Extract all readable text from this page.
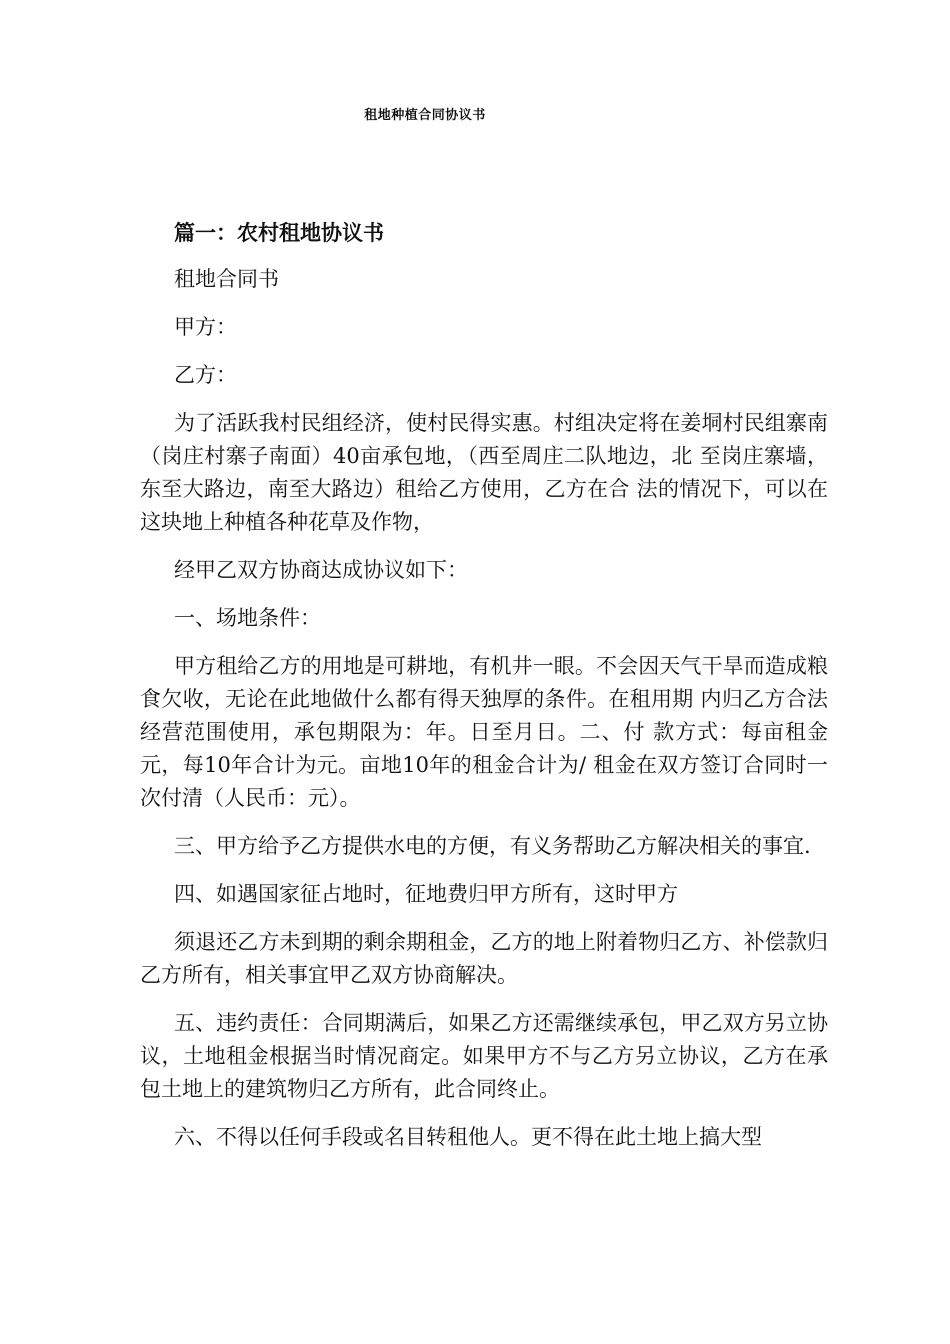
租地种植合同协议书
篇一：农村租地协议书

租地合同书

甲方：

乙方：

为了活跃我村民组经济，使村民得实惠。村组决定将在姜垌村民组寨南（岗庄村寨子南面）40亩承包地，（西至周庄二队地边，北 至岗庄寨墙，东至大路边，南至大路边）租给乙方使用，乙方在合 法的情况下，可以在这块地上种植各种花草及作物，

经甲乙双方协商达成协议如下：

一、场地条件：

甲方租给乙方的用地是可耕地，有机井一眼。不会因天气干旱而造成粮食欠收，无论在此地做什么都有得天独厚的条件。在租用期 内归乙方合法经营范围使用，承包期限为：年。日至月日。二、付 款方式：每亩租金元，每10年合计为元。亩地10年的租金合计为/ 租金在双方签订合同时一次付清（人民币：元）。

三、甲方给予乙方提供水电的方便，有义务帮助乙方解决相关的事宜.

四、如遇国家征占地时，征地费归甲方所有，这时甲方

须退还乙方未到期的剩余期租金，乙方的地上附着物归乙方、补偿款归乙方所有，相关事宜甲乙双方协商解决。

五、违约责任：合同期满后，如果乙方还需继续承包，甲乙双方另立协议，土地租金根据当时情况商定。如果甲方不与乙方另立协议，乙方在承包土地上的建筑物归乙方所有，此合同终止。

六、不得以任何手段或名目转租他人。更不得在此土地上搞大型
